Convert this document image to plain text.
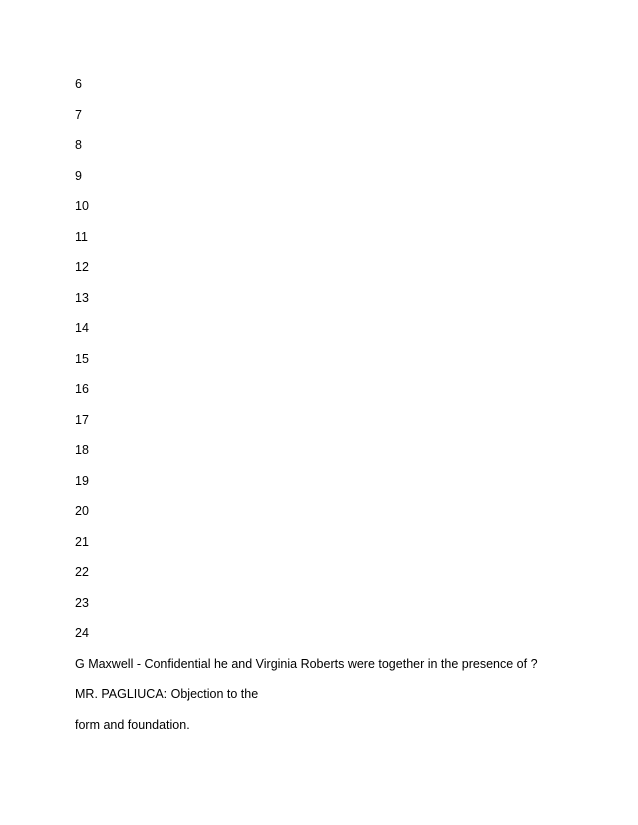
6
7
8
9
10
11
12
13
14
15
16
17
18
19
20
21
22
23
24
G Maxwell - Confidential he and Virginia Roberts were together in the presence of ?
MR. PAGLIUCA: Objection to the
form and foundation.
